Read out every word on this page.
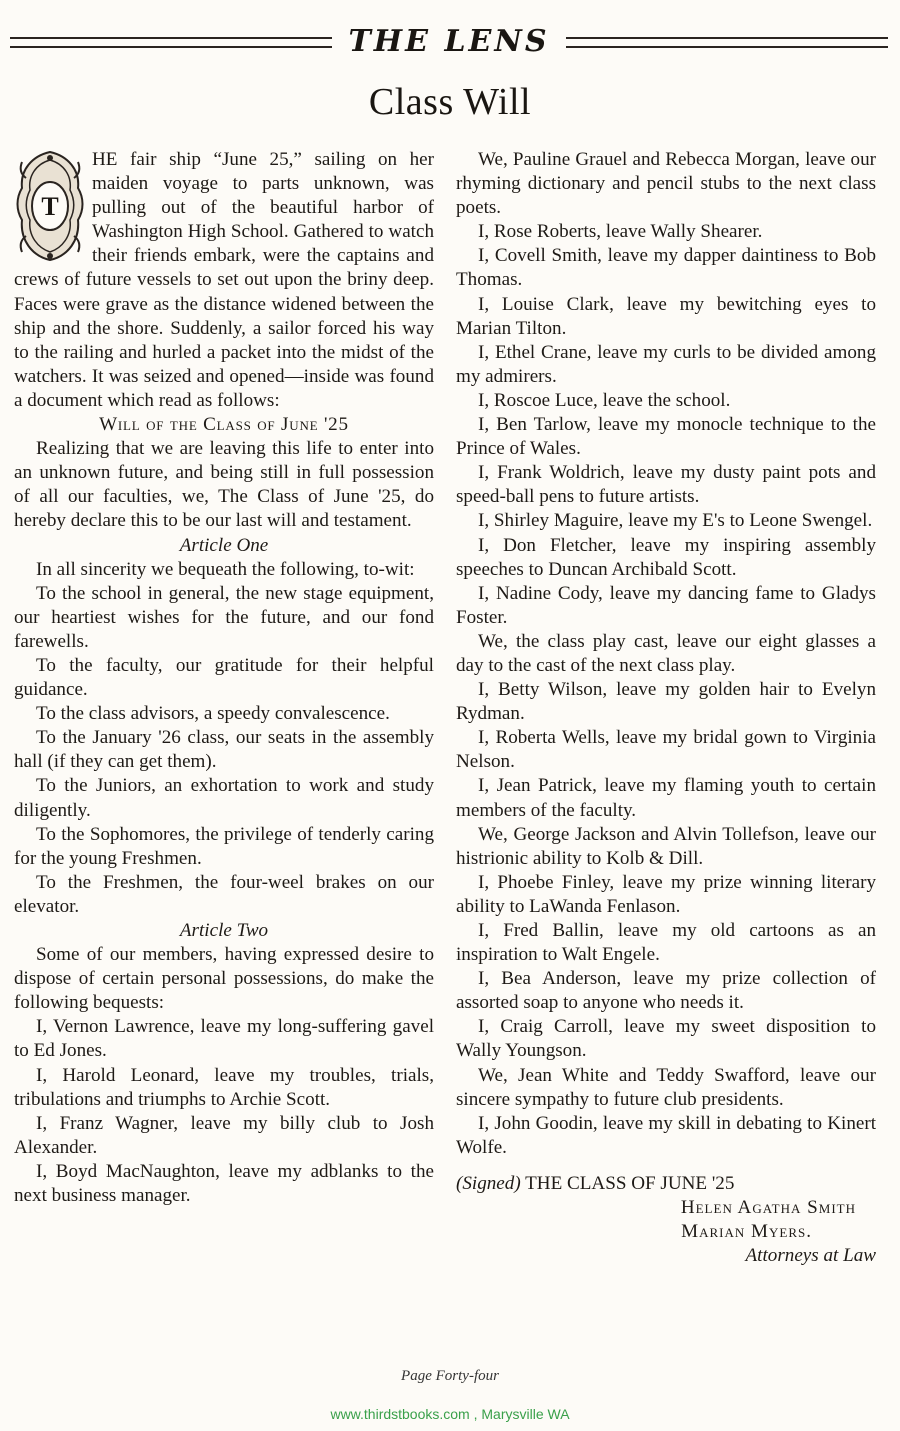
THE LENS
Class Will
T

HE fair ship “June 25,” sailing on her maiden voyage to parts unknown, was pulling out of the beautiful harbor of Washington High School. Gathered to watch their friends embark, were the captains and crews of future vessels to set out upon the briny deep. Faces were grave as the distance widened between the ship and the shore. Suddenly, a sailor forced his way to the railing and hurled a packet into the midst of the watchers. It was seized and opened—inside was found a document which read as follows:

Will of the Class of June '25

Realizing that we are leaving this life to enter into an unknown future, and being still in full possession of all our faculties, we, The Class of June '25, do hereby declare this to be our last will and testament.

Article One

In all sincerity we bequeath the following, to-wit:

To the school in general, the new stage equipment, our heartiest wishes for the future, and our fond farewells.

To the faculty, our gratitude for their helpful guidance.

To the class advisors, a speedy convalescence.

To the January '26 class, our seats in the assembly hall (if they can get them).

To the Juniors, an exhortation to work and study diligently.

To the Sophomores, the privilege of tenderly caring for the young Freshmen.

To the Freshmen, the four-weel brakes on our elevator.

Article Two

Some of our members, having expressed desire to dispose of certain personal possessions, do make the following bequests:

I, Vernon Lawrence, leave my long-suffering gavel to Ed Jones.

I, Harold Leonard, leave my troubles, trials, tribulations and triumphs to Archie Scott.

I, Franz Wagner, leave my billy club to Josh Alexander.

I, Boyd MacNaughton, leave my adblanks to the next business manager.

We, Pauline Grauel and Rebecca Morgan, leave our rhyming dictionary and pencil stubs to the next class poets.

I, Rose Roberts, leave Wally Shearer.

I, Covell Smith, leave my dapper daintiness to Bob Thomas.

I, Louise Clark, leave my bewitching eyes to Marian Tilton.

I, Ethel Crane, leave my curls to be divided among my admirers.

I, Roscoe Luce, leave the school.

I, Ben Tarlow, leave my monocle technique to the Prince of Wales.

I, Frank Woldrich, leave my dusty paint pots and speed-ball pens to future artists.

I, Shirley Maguire, leave my E's to Leone Swengel.

I, Don Fletcher, leave my inspiring assembly speeches to Duncan Archibald Scott.

I, Nadine Cody, leave my dancing fame to Gladys Foster.

We, the class play cast, leave our eight glasses a day to the cast of the next class play.

I, Betty Wilson, leave my golden hair to Evelyn Rydman.

I, Roberta Wells, leave my bridal gown to Virginia Nelson.

I, Jean Patrick, leave my flaming youth to certain members of the faculty.

We, George Jackson and Alvin Tollefson, leave our histrionic ability to Kolb & Dill.

I, Phoebe Finley, leave my prize winning literary ability to LaWanda Fenlason.

I, Fred Ballin, leave my old cartoons as an inspiration to Walt Engele.

I, Bea Anderson, leave my prize collection of assorted soap to anyone who needs it.

I, Craig Carroll, leave my sweet disposition to Wally Youngson.

We, Jean White and Teddy Swafford, leave our sincere sympathy to future club presidents.

I, John Goodin, leave my skill in debating to Kinert Wolfe.

(Signed) THE CLASS OF JUNE '25

Helen Agatha Smith

Marian Myers.

Attorneys at Law

Page Forty-four
www.thirdstbooks.com , Marysville WA
